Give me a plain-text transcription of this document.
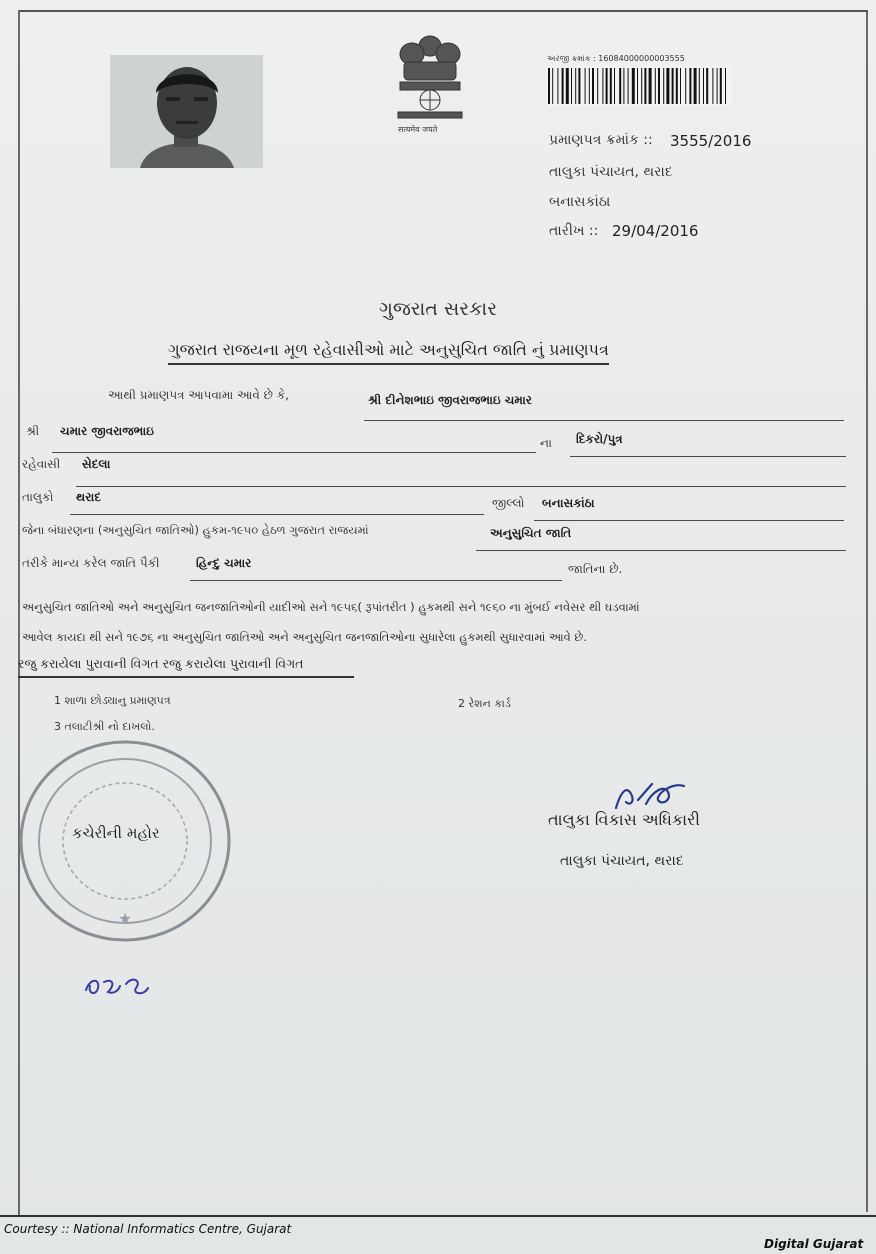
सत्यमेव जयते
અરજી ક્રમાંક : 16084000000003555
પ્રમાણપત્ર ક્રમાંક :: 3555/2016
તાલુકા પંચાયત, થરાદ
બનાસકાંઠા
તારીખ :: 29/04/2016
ગુજરાત સરકાર
ગુજરાત રાજયના મૂળ રહેવાસીઓ માટે અનુસુચિત જાતિ નું પ્રમાણપત્ર
આથી પ્રમાણપત્ર આપવામા આવે છે કે,	શ્રી દીનેશભાઇ જીવરાજભાઇ ચમાર
શ્રી ચમાર જીવરાજભાઇ
ના દિકરો/પુત્ર
રહેવાસી સેદલા
તાલુકો થરાદ	જીલ્લો બનાસકાંઠા
જેના બંધારણના (અનુસુચિત જાતિઓ) હુકમ-૧૯૫૦ હેઠળ ગુજરાત રાજયમાં	અનુસુચિત જાતિ
તરીકે માન્ય કરેલ જાતિ પૈકી	હિન્દુ ચમાર	જાતિના છે.
અનુસુચિત જાતિઓ અને અનુસુચિત જનજાતિઓની યાદીઓ સને ૧૯૫૬( રૂપાંતરીત ) હુકમથી સને ૧૯૬૦ ના મુંબઈ નવેસર થી ઘડવામાં
આવેલ કાયદા થી સને ૧૯૭૬ ના અનુસુચિત જાતિઓ અને અનુસુચિત જનજાતિઓના સુધારેલા હુકમથી સુધારવામાં આવે છે.
રજુ કરાયેલા પુરાવાની વિગત રજુ કરાયેલા પુરાવાની વિગત
1 શાળા છોડ્યાનુ પ્રમાણપત્ર	2 રેશન કાર્ડ
3 તલાટીશ્રી નો દાખલો.
★
કચેરીની મહોર
તાલુકા વિકાસ અધિકારી
તાલુકા પંચાયત, થરાદ
Courtesy :: National Informatics Centre, Gujarat
Digital Gujarat
